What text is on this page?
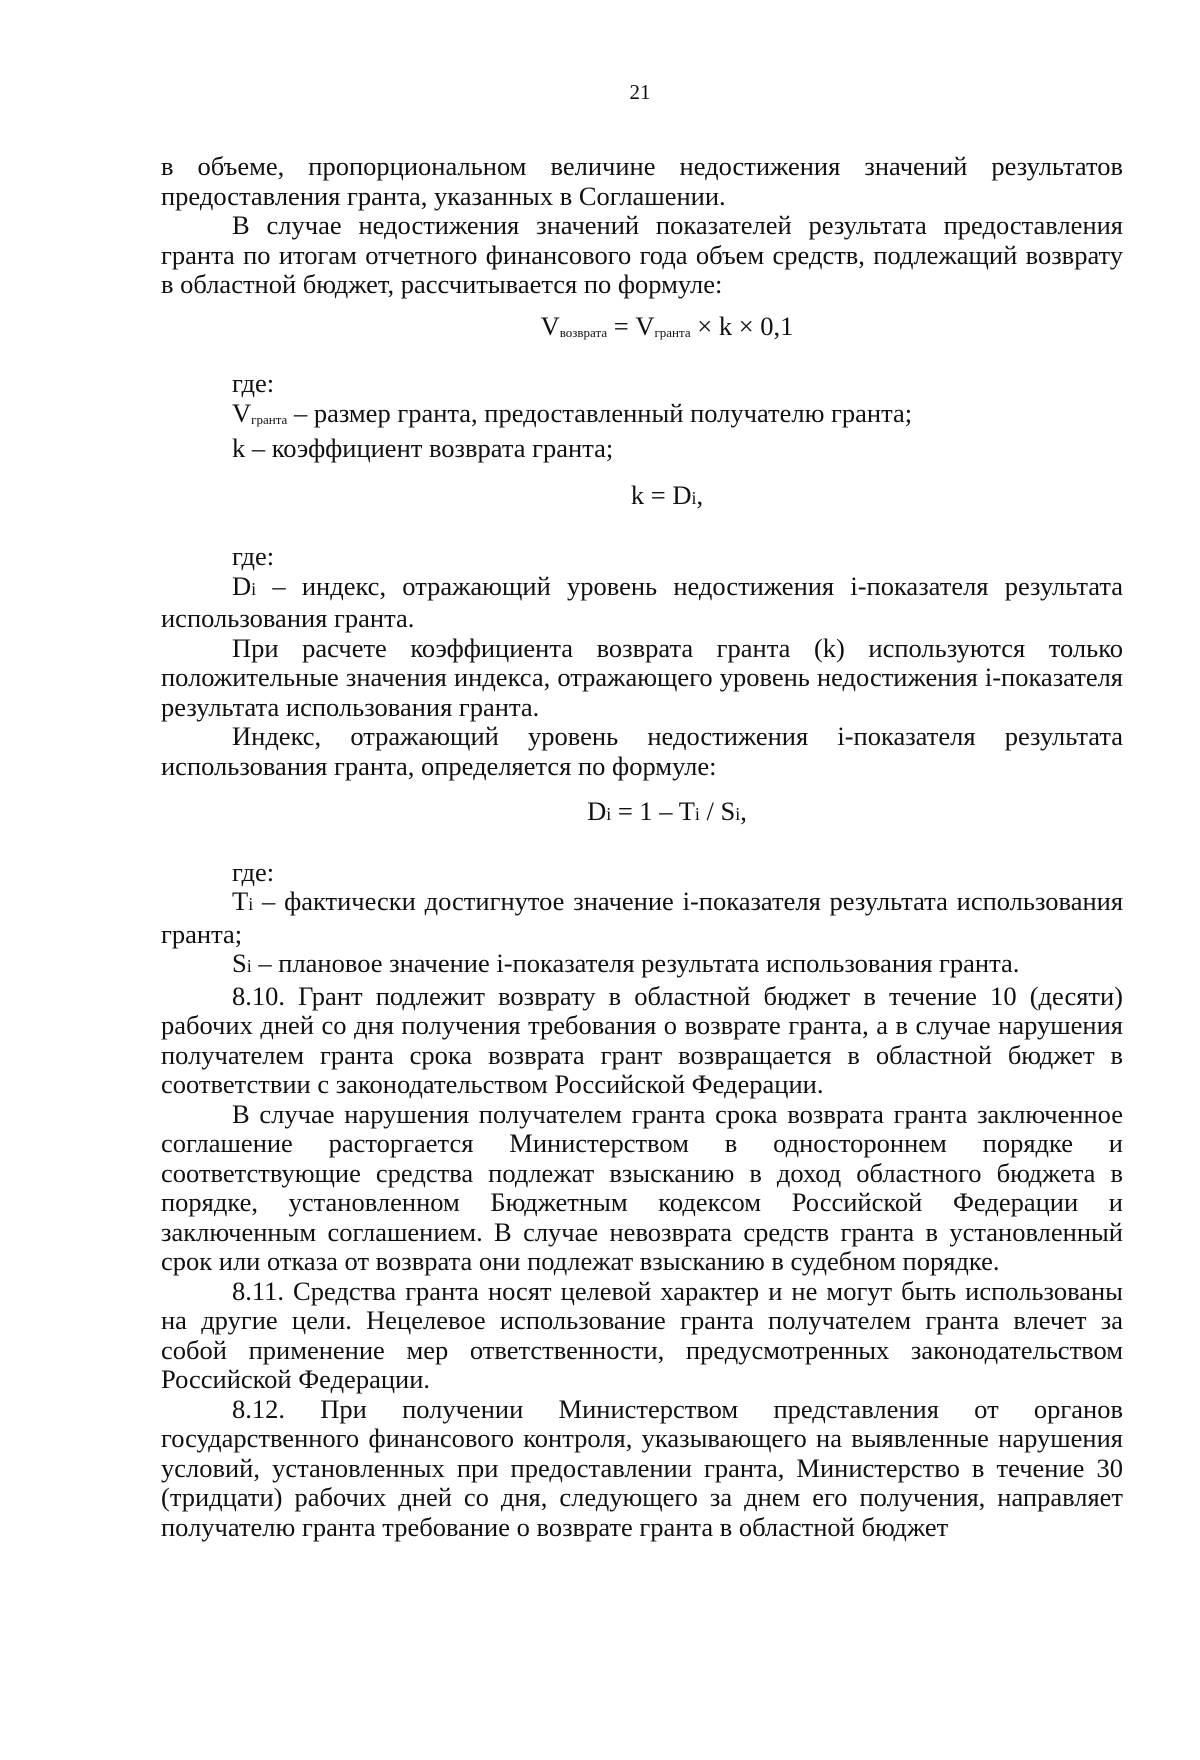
21

в объеме, пропорциональном величине недостижения значений результатов предоставления гранта, указанных в Соглашении.

В случае недостижения значений показателей результата предоставления гранта по итогам отчетного финансового года объем средств, подлежащий возврату в областной бюджет, рассчитывается по формуле:

Vвозврата = Vгранта × k × 0,1

где:

Vгранта – размер гранта, предоставленный получателю гранта;

k – коэффициент возврата гранта;

k = Di,

где:

Di – индекс, отражающий уровень недостижения i-показателя результата использования гранта.

При расчете коэффициента возврата гранта (k) используются только положительные значения индекса, отражающего уровень недостижения i-показателя результата использования гранта.

Индекс, отражающий уровень недостижения i-показателя результата использования гранта, определяется по формуле:

Di = 1 – Ti / Si,

где:

Ti – фактически достигнутое значение i-показателя результата использования гранта;

Si – плановое значение i-показателя результата использования гранта.

8.10. Грант подлежит возврату в областной бюджет в течение 10 (десяти) рабочих дней со дня получения требования о возврате гранта, а в случае нарушения получателем гранта срока возврата грант возвращается в областной бюджет в соответствии с законодательством Российской Федерации.

В случае нарушения получателем гранта срока возврата гранта заключенное соглашение расторгается Министерством в одностороннем порядке и соответствующие средства подлежат взысканию в доход областного бюджета в порядке, установленном Бюджетным кодексом Российской Федерации и заключенным соглашением. В случае невозврата средств гранта в установленный срок или отказа от возврата они подлежат взысканию в судебном порядке.

8.11. Средства гранта носят целевой характер и не могут быть использованы на другие цели. Нецелевое использование гранта получателем гранта влечет за собой применение мер ответственности, предусмотренных законодательством Российской Федерации.

8.12. При получении Министерством представления от органов государственного финансового контроля, указывающего на выявленные нарушения условий, установленных при предоставлении гранта, Министерство в течение 30 (тридцати) рабочих дней со дня, следующего за днем его получения, направляет получателю гранта требование о возврате гранта в областной бюджет
